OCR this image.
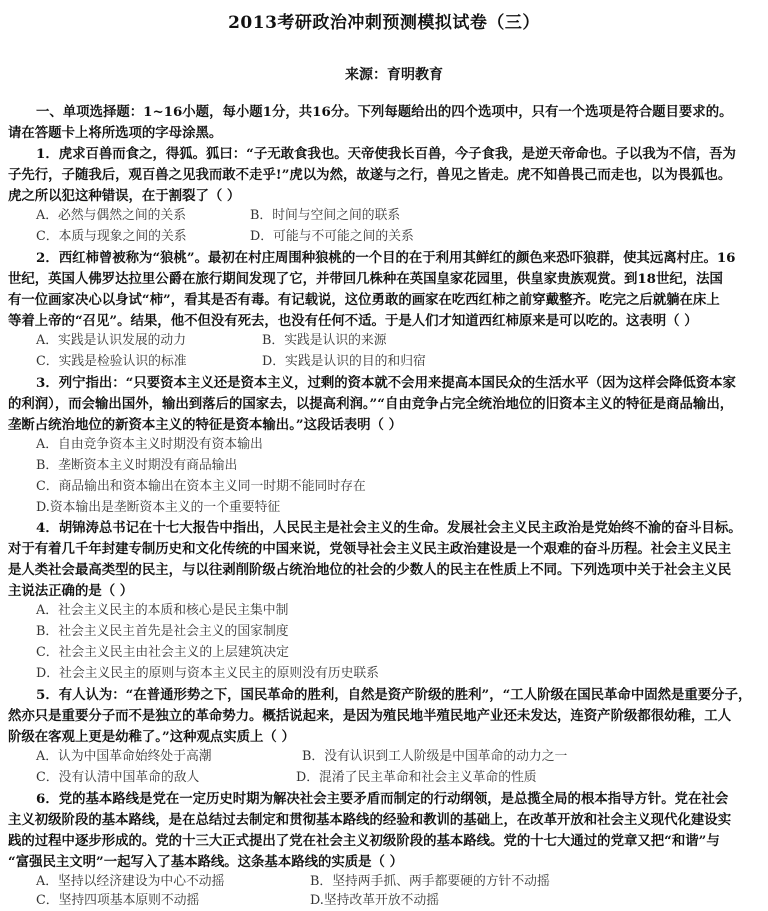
2013考研政治冲刺预测模拟试卷（三）
来源：育明教育
一、单项选择题：1~16小题，每小题1分，共16分。下列每题给出的四个选项中，只有一个选项是符合题目要求的。
请在答题卡上将所选项的字母涂黑。
1．虎求百兽而食之，得狐。狐曰：“子无敢食我也。天帝使我长百兽，今子食我，是逆天帝命也。子以我为不信，吾为
子先行，子随我后，观百兽之见我而敢不走乎!”虎以为然，故遂与之行，兽见之皆走。虎不知兽畏己而走也，以为畏狐也。
虎之所以犯这种错误，在于割裂了（ ）
A．必然与偶然之间的关系	B．时间与空间之间的联系
C．本质与现象之间的关系	D．可能与不可能之间的关系
2．西红柿曾被称为“狼桃”。最初在村庄周围种狼桃的一个目的在于利用其鲜红的颜色来恐吓狼群，使其远离村庄。16
世纪，英国人佛罗达拉里公爵在旅行期间发现了它，并带回几株种在英国皇家花园里，供皇家贵族观赏。到18世纪，法国
有一位画家决心以身试“柿”，看其是否有毒。有记载说，这位勇敢的画家在吃西红柿之前穿戴整齐。吃完之后就躺在床上
等着上帝的“召见”。结果，他不但没有死去，也没有任何不适。于是人们才知道西红柿原来是可以吃的。这表明（ ）
A．实践是认识发展的动力	B．实践是认识的来源
C．实践是检验认识的标准	D．实践是认识的目的和归宿
3．列宁指出：“只要资本主义还是资本主义，过剩的资本就不会用来提高本国民众的生活水平（因为这样会降低资本家
的利润），而会输出国外，输出到落后的国家去，以提高利润。”“自由竞争占完全统治地位的旧资本主义的特征是商品输出，
垄断占统治地位的新资本主义的特征是资本输出。”这段话表明（ ）
A．自由竞争资本主义时期没有资本输出
B．垄断资本主义时期没有商品输出
C．商品输出和资本输出在资本主义同一时期不能同时存在
D.资本输出是垄断资本主义的一个重要特征
4．胡锦涛总书记在十七大报告中指出，人民民主是社会主义的生命。发展社会主义民主政治是党始终不渝的奋斗目标。
对于有着几千年封建专制历史和文化传统的中国来说，党领导社会主义民主政治建设是一个艰难的奋斗历程。社会主义民主
是人类社会最高类型的民主，与以往剥削阶级占统治地位的社会的少数人的民主在性质上不同。下列选项中关于社会主义民
主说法正确的是（ ）
A．社会主义民主的本质和核心是民主集中制
B．社会主义民主首先是社会主义的国家制度
C．社会主义民主由社会主义的上层建筑决定
D．社会主义民主的原则与资本主义民主的原则没有历史联系
5．有人认为：“在普通形势之下，国民革命的胜利，自然是资产阶级的胜利”，“工人阶级在国民革命中固然是重要分子，
然亦只是重要分子而不是独立的革命势力。概括说起来，是因为殖民地半殖民地产业还未发达，连资产阶级都很幼稚，工人
阶级在客观上更是幼稚了。”这种观点实质上（ ）
A．认为中国革命始终处于高潮	B．没有认识到工人阶级是中国革命的动力之一
C．没有认清中国革命的敌人	D．混淆了民主革命和社会主义革命的性质
6．党的基本路线是党在一定历史时期为解决社会主要矛盾而制定的行动纲领，是总揽全局的根本指导方针。党在社会
主义初级阶段的基本路线，是在总结过去制定和贯彻基本路线的经验和教训的基础上，在改革开放和社会主义现代化建设实
践的过程中逐步形成的。党的十三大正式提出了党在社会主义初级阶段的基本路线。党的十七大通过的党章又把“和谐”与
“富强民主文明”一起写入了基本路线。这条基本路线的实质是（ ）
A．坚持以经济建设为中心不动摇	B．坚持两手抓、两手都要硬的方针不动摇
C．坚持四项基本原则不动摇	D.坚持改革开放不动摇
